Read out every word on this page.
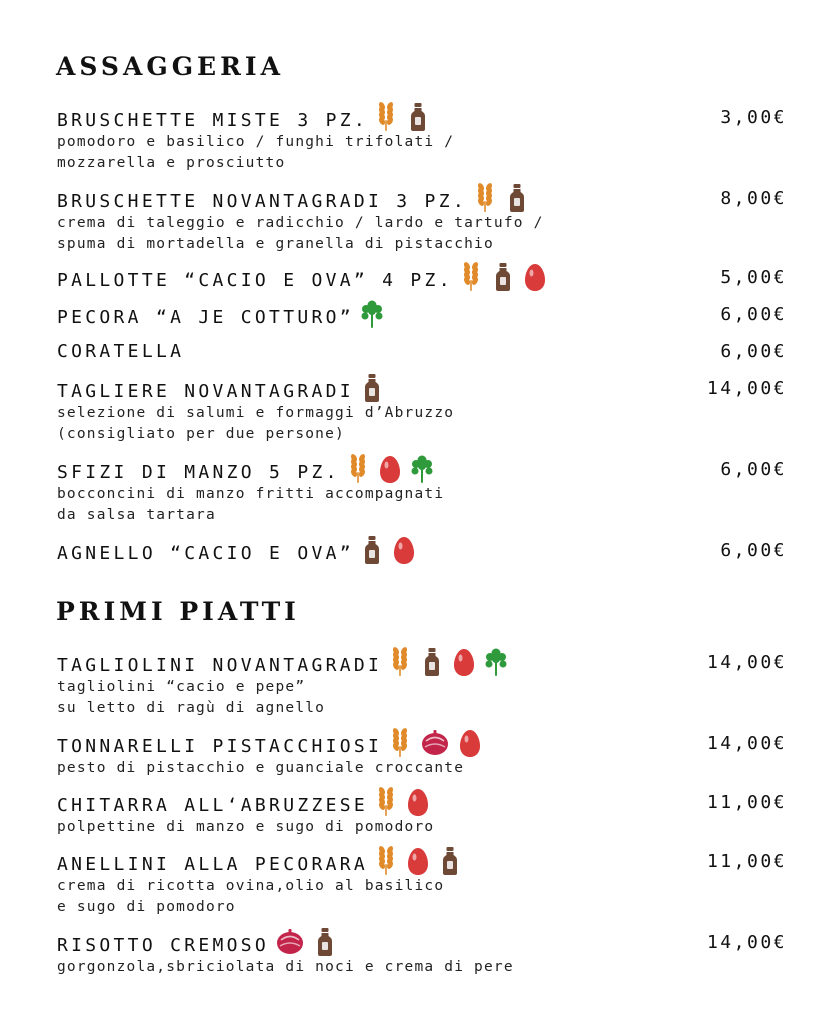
ASSAGGERIA
BRUSCHETTE MISTE 3 PZ.	3,00€
pomodoro e basilico / funghi trifolati /
mozzarella e prosciutto
BRUSCHETTE NOVANTAGRADI 3 PZ.	8,00€
crema di taleggio e radicchio / lardo e tartufo /
spuma di mortadella e granella di pistacchio
PALLOTTE “CACIO E OVA” 4 PZ.	5,00€
PECORA “A JE COTTURO”	6,00€
CORATELLA	6,00€
TAGLIERE NOVANTAGRADI	14,00€
selezione di salumi e formaggi d’Abruzzo
(consigliato per due persone)
SFIZI DI MANZO 5 PZ.	6,00€
bocconcini di manzo fritti accompagnati
da salsa tartara
AGNELLO “CACIO E OVA”	6,00€
PRIMI PIATTI
TAGLIOLINI NOVANTAGRADI	14,00€
tagliolini “cacio e pepe”
su letto di ragù di agnello
TONNARELLI PISTACCHIOSI	14,00€
pesto di pistacchio e guanciale croccante
CHITARRA ALL‘ABRUZZESE	11,00€
polpettine di manzo e sugo di pomodoro
ANELLINI ALLA PECORARA	11,00€
crema di ricotta ovina,olio al basilico
e sugo di pomodoro
RISOTTO CREMOSO	14,00€
gorgonzola,sbriciolata di noci e crema di pere
